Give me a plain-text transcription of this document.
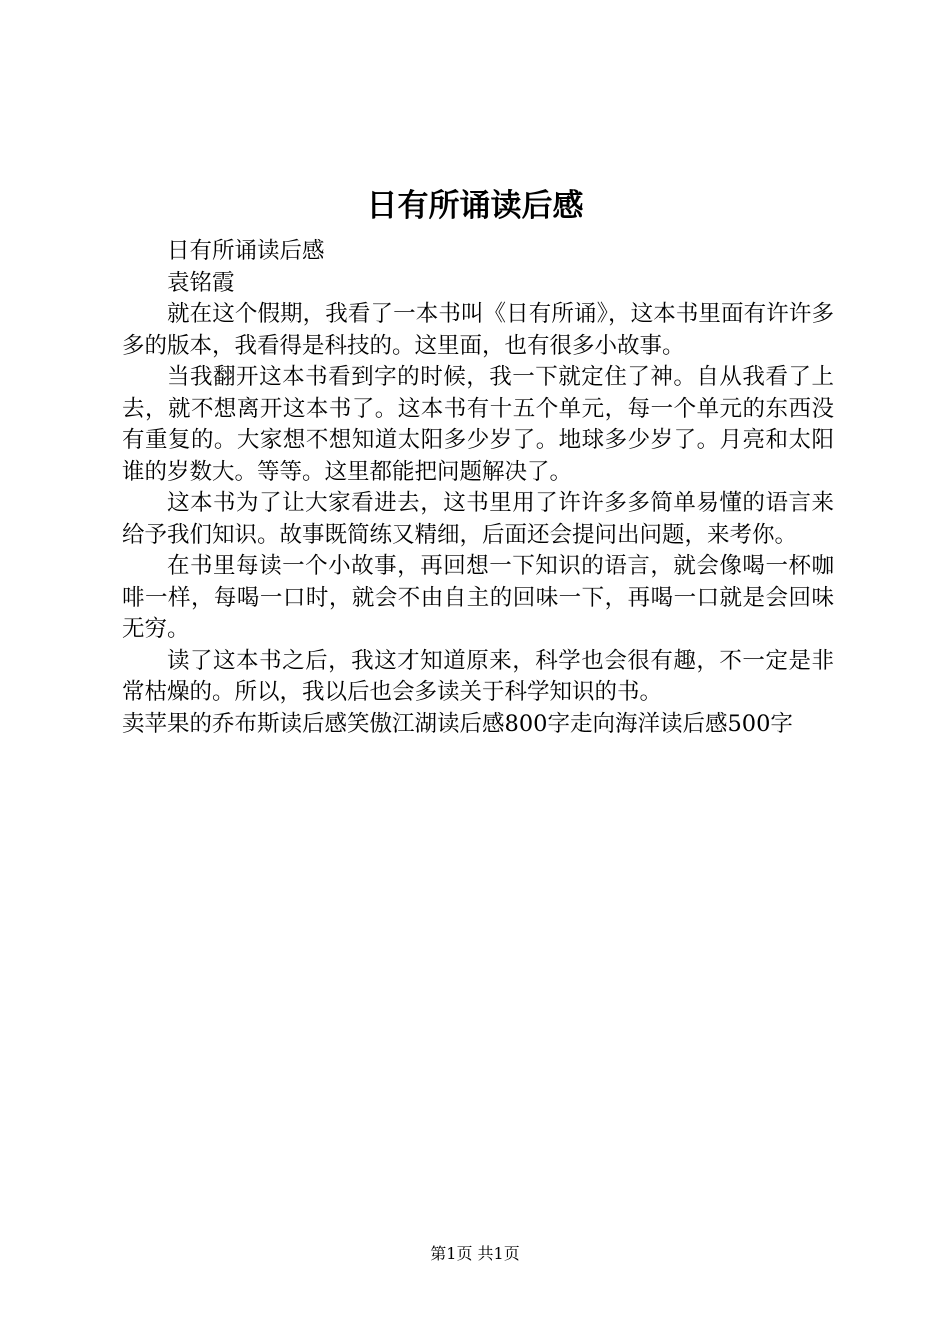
日有所诵读后感

日有所诵读后感

袁铭霞

就在这个假期，我看了一本书叫《日有所诵》，这本书里面有许许多多的版本，我看得是科技的。这里面，也有很多小故事。

当我翻开这本书看到字的时候，我一下就定住了神。自从我看了上去，就不想离开这本书了。这本书有十五个单元，每一个单元的东西没有重复的。大家想不想知道太阳多少岁了。地球多少岁了。月亮和太阳谁的岁数大。等等。这里都能把问题解决了。

这本书为了让大家看进去，这书里用了许许多多简单易懂的语言来给予我们知识。故事既简练又精细，后面还会提问出问题，来考你。

在书里每读一个小故事，再回想一下知识的语言，就会像喝一杯咖啡一样，每喝一口时，就会不由自主的回味一下，再喝一口就是会回味无穷。

读了这本书之后，我这才知道原来，科学也会很有趣，不一定是非常枯燥的。所以，我以后也会多读关于科学知识的书。

卖苹果的乔布斯读后感笑傲江湖读后感800字走向海洋读后感500字

第1页 共1页
